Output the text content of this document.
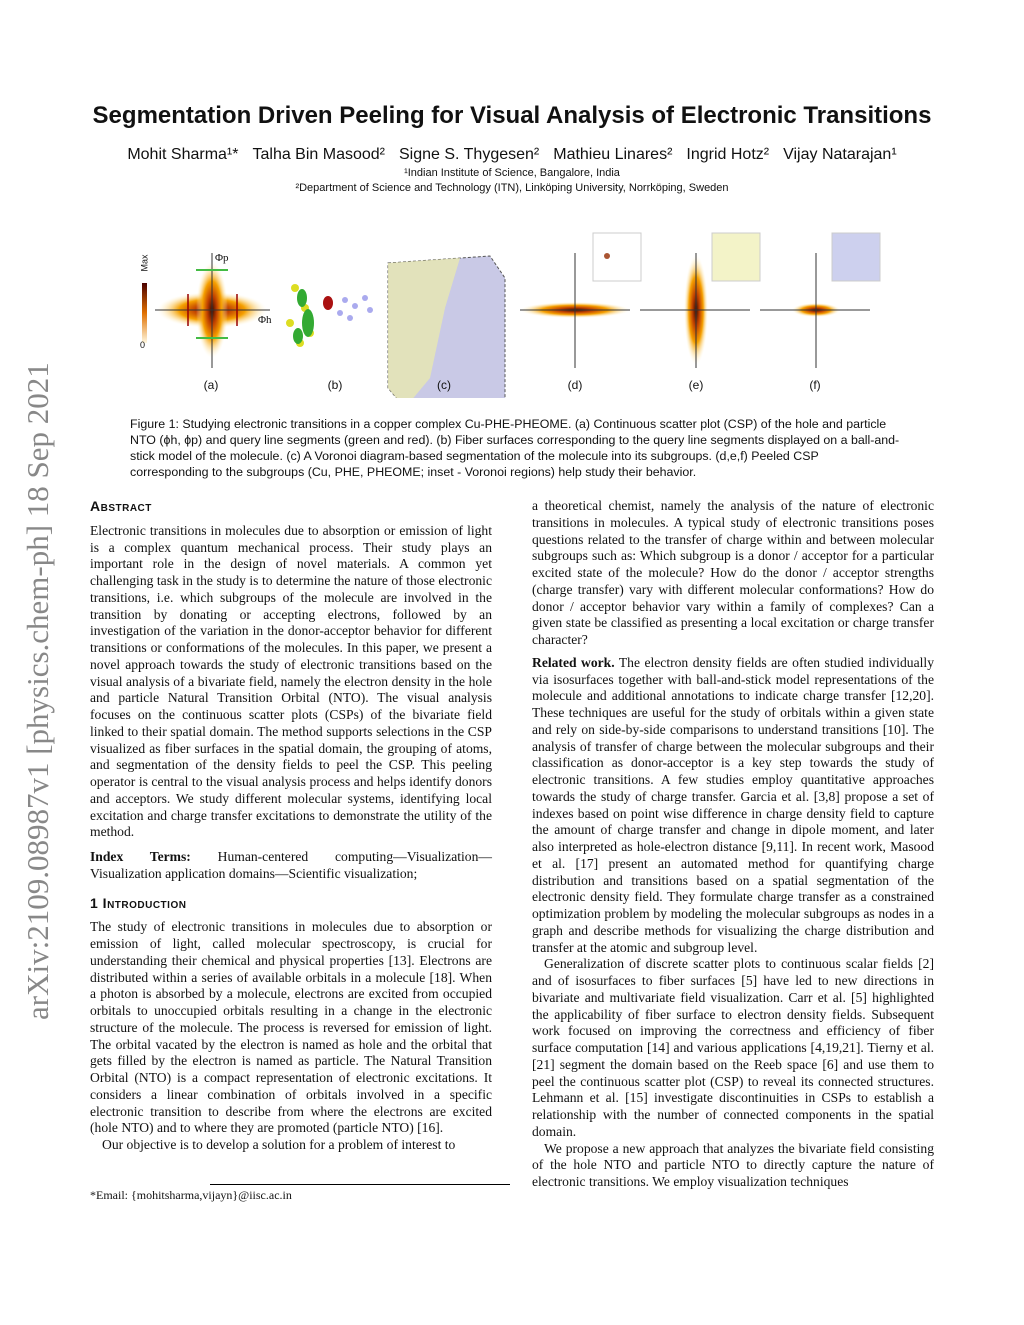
arXiv:2109.08987v1 [physics.chem-ph] 18 Sep 2021
Segmentation Driven Peeling for Visual Analysis of Electronic Transitions
Mohit Sharma¹* Talha Bin Masood² Signe S. Thygesen² Mathieu Linares² Ingrid Hotz² Vijay Natarajan¹
¹Indian Institute of Science, Bangalore, India
²Department of Science and Technology (ITN), Linköping University, Norrköping, Sweden
Max
0
Φp
Φh
(a)	(b)	(c)	(d)	(e)	(f)
Figure 1: Studying electronic transitions in a copper complex Cu-PHE-PHEOME. (a) Continuous scatter plot (CSP) of the hole and particle NTO (ϕh, ϕp) and query line segments (green and red). (b) Fiber surfaces corresponding to the query line segments displayed on a ball-and-stick model of the molecule. (c) A Voronoi diagram-based segmentation of the molecule into its subgroups. (d,e,f) Peeled CSP corresponding to the subgroups (Cu, PHE, PHEOME; inset - Voronoi regions) help study their behavior.
Abstract

Electronic transitions in molecules due to absorption or emission of light is a complex quantum mechanical process. Their study plays an important role in the design of novel materials. A common yet challenging task in the study is to determine the nature of those electronic transitions, i.e. which subgroups of the molecule are involved in the transition by donating or accepting electrons, followed by an investigation of the variation in the donor-acceptor behavior for different transitions or conformations of the molecules. In this paper, we present a novel approach towards the study of electronic transitions based on the visual analysis of a bivariate field, namely the electron density in the hole and particle Natural Transition Orbital (NTO). The visual analysis focuses on the continuous scatter plots (CSPs) of the bivariate field linked to their spatial domain. The method supports selections in the CSP visualized as fiber surfaces in the spatial domain, the grouping of atoms, and segmentation of the density fields to peel the CSP. This peeling operator is central to the visual analysis process and helps identify donors and acceptors. We study different molecular systems, identifying local excitation and charge transfer excitations to demonstrate the utility of the method.

Index Terms: Human-centered computing—Visualization—Visualization application domains—Scientific visualization;

1 Introduction

The study of electronic transitions in molecules due to absorption or emission of light, called molecular spectroscopy, is crucial for understanding their chemical and physical properties [13]. Electrons are distributed within a series of available orbitals in a molecule [18]. When a photon is absorbed by a molecule, electrons are excited from occupied orbitals to unoccupied orbitals resulting in a change in the electronic structure of the molecule. The process is reversed for emission of light. The orbital vacated by the electron is named as hole and the orbital that gets filled by the electron is named as particle. The Natural Transition Orbital (NTO) is a compact representation of electronic excitations. It considers a linear combination of orbitals involved in a specific electronic transition to describe from where the electrons are excited (hole NTO) and to where they are promoted (particle NTO) [16].

Our objective is to develop a solution for a problem of interest to

*Email: {mohitsharma,vijayn}@iisc.ac.in

a theoretical chemist, namely the analysis of the nature of electronic transitions in molecules. A typical study of electronic transitions poses questions related to the transfer of charge within and between molecular subgroups such as: Which subgroup is a donor / acceptor for a particular excited state of the molecule? How do the donor / acceptor strengths (charge transfer) vary with different molecular conformations? How do donor / acceptor behavior vary within a family of complexes? Can a given state be classified as presenting a local excitation or charge transfer character?

Related work. The electron density fields are often studied individually via isosurfaces together with ball-and-stick model representations of the molecule and additional annotations to indicate charge transfer [12,20]. These techniques are useful for the study of orbitals within a given state and rely on side-by-side comparisons to understand transitions [10]. The analysis of transfer of charge between the molecular subgroups and their classification as donor-acceptor is a key step towards the study of electronic transitions. A few studies employ quantitative approaches towards the study of charge transfer. Garcia et al. [3,8] propose a set of indexes based on point wise difference in charge density field to capture the amount of charge transfer and change in dipole moment, and later also interpreted as hole-electron distance [9,11]. In recent work, Masood et al. [17] present an automated method for quantifying charge distribution and transitions based on a spatial segmentation of the electronic density field. They formulate charge transfer as a constrained optimization problem by modeling the molecular subgroups as nodes in a graph and describe methods for visualizing the charge distribution and transfer at the atomic and subgroup level.

Generalization of discrete scatter plots to continuous scalar fields [2] and of isosurfaces to fiber surfaces [5] have led to new directions in bivariate and multivariate field visualization. Carr et al. [5] highlighted the applicability of fiber surface to electron density fields. Subsequent work focused on improving the correctness and efficiency of fiber surface computation [14] and various applications [4,19,21]. Tierny et al. [21] segment the domain based on the Reeb space [6] and use them to peel the continuous scatter plot (CSP) to reveal its connected structures. Lehmann et al. [15] investigate discontinuities in CSPs to establish a relationship with the number of connected components in the spatial domain.

We propose a new approach that analyzes the bivariate field consisting of the hole NTO and particle NTO to directly capture the nature of electronic transitions. We employ visualization techniques
